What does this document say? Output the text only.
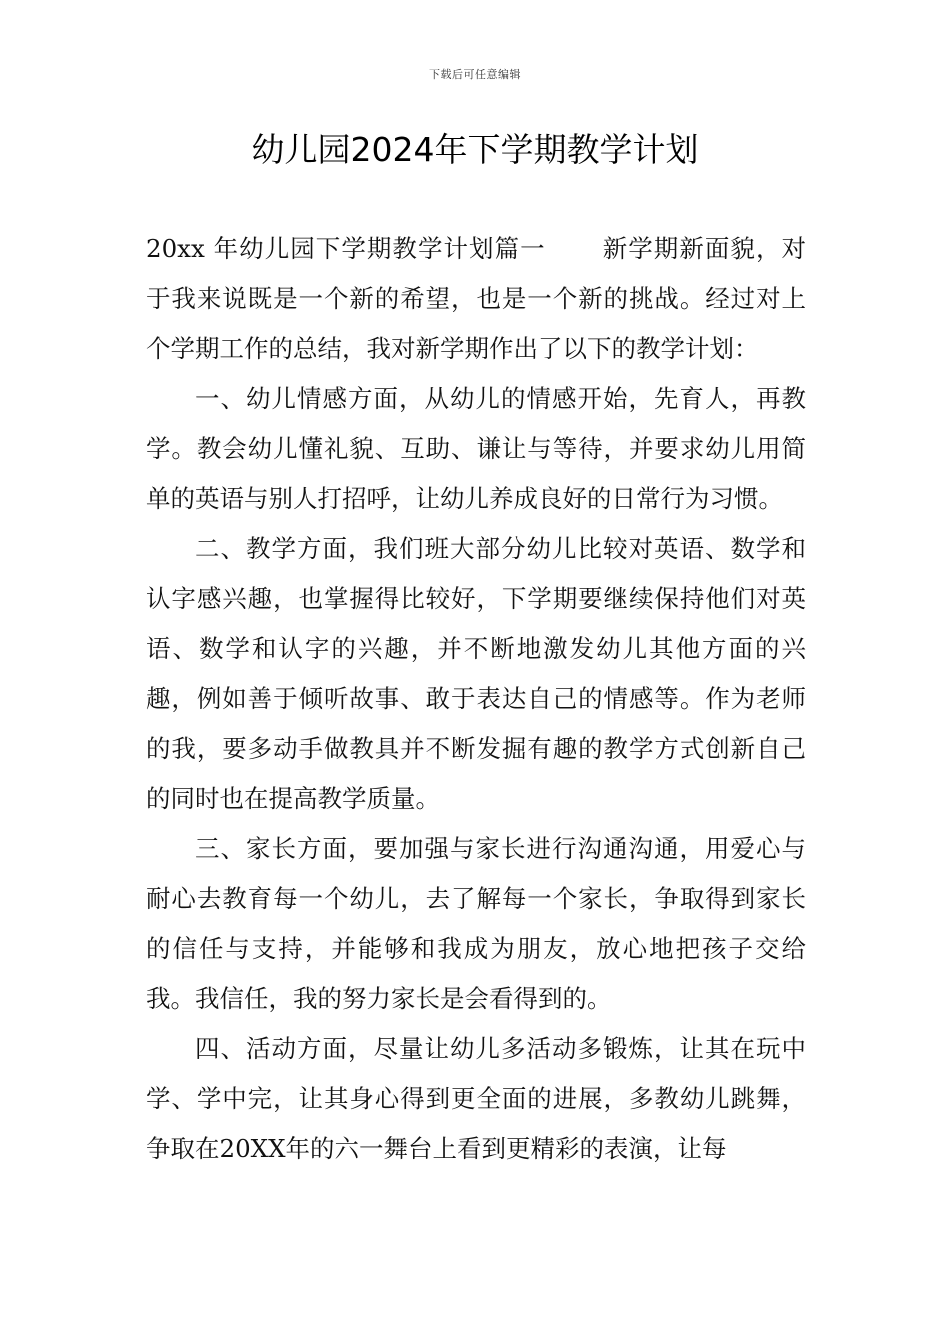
下载后可任意编辑
幼儿园2024年下学期教学计划

20xx 年幼儿园下学期教学计划篇一 新学期新面貌，对于我来说既是一个新的希望，也是一个新的挑战。经过对上个学期工作的总结，我对新学期作出了以下的教学计划：

一、幼儿情感方面，从幼儿的情感开始，先育人，再教学。教会幼儿懂礼貌、互助、谦让与等待，并要求幼儿用简单的英语与别人打招呼，让幼儿养成良好的日常行为习惯。

二、教学方面，我们班大部分幼儿比较对英语、数学和认字感兴趣，也掌握得比较好，下学期要继续保持他们对英语、数学和认字的兴趣，并不断地激发幼儿其他方面的兴趣，例如善于倾听故事、敢于表达自己的情感等。作为老师的我，要多动手做教具并不断发掘有趣的教学方式创新自己的同时也在提高教学质量。

三、家长方面，要加强与家长进行沟通沟通，用爱心与耐心去教育每一个幼儿，去了解每一个家长，争取得到家长的信任与支持，并能够和我成为朋友，放心地把孩子交给我。我信任，我的努力家长是会看得到的。

四、活动方面，尽量让幼儿多活动多锻炼，让其在玩中学、学中完，让其身心得到更全面的进展，多教幼儿跳舞，争取在20XX年的六一舞台上看到更精彩的表演，让每
